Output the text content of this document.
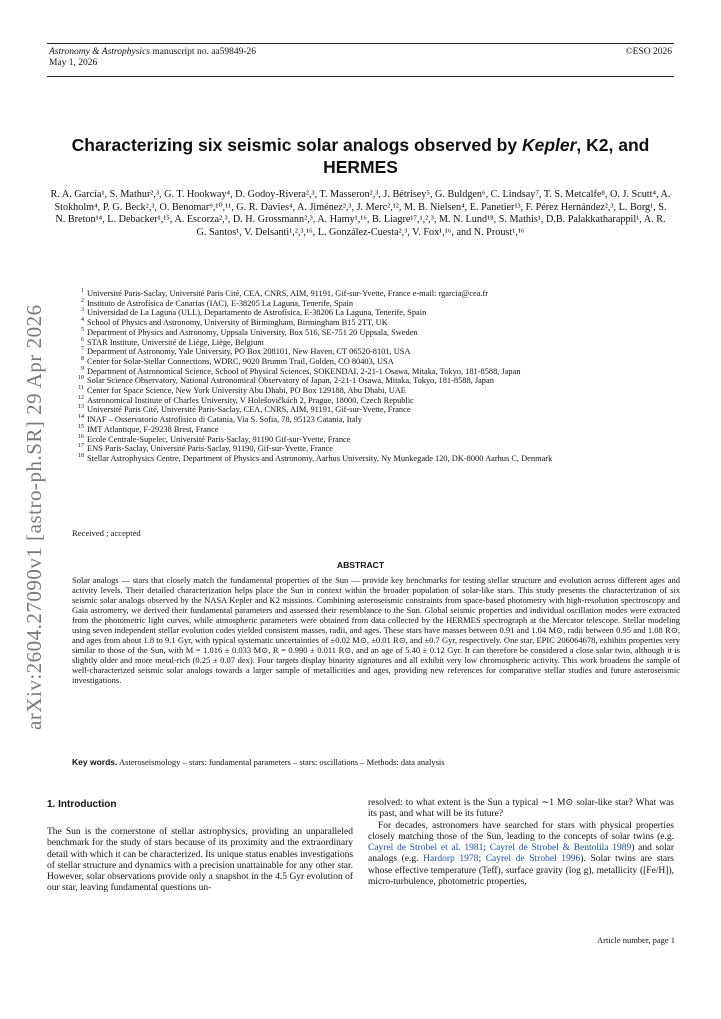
Astronomy & Astrophysics manuscript no. aa59849-26
May 1, 2026
©ESO 2026
arXiv:2604.27090v1 [astro-ph.SR] 29 Apr 2026
Characterizing six seismic solar analogs observed by Kepler, K2, and HERMES
R. A. García¹, S. Mathur²,³, G. T. Hookway⁴, D. Godoy-Rivera²,³, T. Masseron²,³, J. Bétrisey⁵, G. Buldgen⁶, C. Lindsay⁷, T. S. Metcalfe⁸, O. J. Scutt⁴, A. Stokholm⁴, P. G. Beck²,³, O. Benomar⁹,¹⁰,¹¹, G. R. Davies⁴, A. Jiménez²,³, J. Merc²,¹², M. B. Nielsen⁴, E. Panetier¹³, F. Pérez Hernández²,³, L. Borg¹, S. N. Breton¹⁴, L. Debacker¹,¹⁵, A. Escorza²,³, D. H. Grossmann²,³, A. Hamy¹,¹⁶, B. Liagre¹⁷,¹,²,³, M. N. Lund¹⁸, S. Mathis¹, D.B. Palakkatharappil¹, A. R. G. Santos¹, V. Delsanti¹,²,³,¹⁶, L. González-Cuesta²,³, V. Fox¹,¹⁶, and N. Proust¹,¹⁶
1 Université Paris-Saclay, Université Paris Cité, CEA, CNRS, AIM, 91191, Gif-sur-Yvette, France e-mail: rgarcia@cea.fr
2 Instituto de Astrofísica de Canarias (IAC), E-38205 La Laguna, Tenerife, Spain
3 Universidad de La Laguna (ULL), Departamento de Astrofísica, E-38206 La Laguna, Tenerife, Spain
4 School of Physics and Astronomy, University of Birmingham, Birmingham B15 2TT, UK
5 Department of Physics and Astronomy, Uppsala University, Box 516, SE-751 20 Uppsala, Sweden
6 STAR Institute, Université de Liège, Liège, Belgium
7 Department of Astronomy, Yale University, PO Box 208101, New Haven, CT 06520-8101, USA
8 Center for Solar-Stellar Connections, WDRC, 9020 Brumm Trail, Golden, CO 80403, USA
9 Department of Astronomical Science, School of Physical Sciences, SOKENDAI, 2-21-1 Osawa, Mitaka, Tokyo, 181-8588, Japan
10 Solar Science Observatory, National Astronomical Observatory of Japan, 2-21-1 Osawa, Mitaka, Tokyo, 181-8588, Japan
11 Center for Space Science, New York University Abu Dhabi, PO Box 129188, Abu Dhabi, UAE
12 Astronomical Institute of Charles University, V Holešovičkách 2, Prague, 18000, Czech Republic
13 Université Paris Cité, Université Paris-Saclay, CEA, CNRS, AIM, 91191, Gif-sur-Yvette, France
14 INAF – Osservatorio Astrofisico di Catania, Via S. Sofia, 78, 95123 Catania, Italy
15 IMT Atlantique, F-29238 Brest, France
16 Ecole Centrale-Supelec, Université Paris-Saclay, 91190 Gif-sur-Yvette, France
17 ENS Paris-Saclay, Université Paris-Saclay, 91190, Gif-sur-Yvette, France
18 Stellar Astrophysics Centre, Department of Physics and Astronomy, Aarhus University, Ny Munkegade 120, DK-8000 Aarhus C, Denmark
Received ; accepted
ABSTRACT
Solar analogs — stars that closely match the fundamental properties of the Sun — provide key benchmarks for testing stellar structure and evolution across different ages and activity levels. Their detailed characterization helps place the Sun in context within the broader population of solar-like stars. This study presents the characterization of six seismic solar analogs observed by the NASA Kepler and K2 missions. Combining asteroseismic constraints from space-based photometry with high-resolution spectroscopy and Gaia astrometry, we derived their fundamental parameters and assessed their resemblance to the Sun. Global seismic properties and individual oscillation modes were extracted from the photometric light curves, while atmospheric parameters were obtained from data collected by the HERMES spectrograph at the Mercator telescope. Stellar modeling using seven independent stellar evolution codes yielded consistent masses, radii, and ages. These stars have masses between 0.91 and 1.04 M⊙, radii between 0.95 and 1.08 R⊙, and ages from about 1.8 to 9.1 Gyr, with typical systematic uncertainties of ±0.02 M⊙, ±0.01 R⊙, and ±0.7 Gyr, respectively. One star, EPIC 206064678, exhibits properties very similar to those of the Sun, with M = 1.016 ± 0.033 M⊙, R = 0.990 ± 0.011 R⊙, and an age of 5.40 ± 0.12 Gyr. It can therefore be considered a close solar twin, although it is slightly older and more metal-rich (0.25 ± 0.07 dex). Four targets display binarity signatures and all exhibit very low chromospheric activity. This work broadens the sample of well-characterized seismic solar analogs towards a larger sample of metallicities and ages, providing new references for comparative stellar studies and future asteroseismic investigations.
Key words. Asteroseismology – stars: fundamental parameters – stars: oscillations – Methods: data analysis
1. Introduction
The Sun is the cornerstone of stellar astrophysics, providing an unparalleled benchmark for the study of stars because of its proximity and the extraordinary detail with which it can be characterized. Its unique status enables investigations of stellar structure and dynamics with a precision unattainable for any other star. However, solar observations provide only a snapshot in the 4.5 Gyr evolution of our star, leaving fundamental questions un-
resolved: to what extent is the Sun a typical ∼1 M⊙ solar-like star? What was its past, and what will be its future?
For decades, astronomers have searched for stars with physical properties closely matching those of the Sun, leading to the concepts of solar twins (e.g. Cayrel de Strobel et al. 1981; Cayrel de Strobel & Bentolila 1989) and solar analogs (e.g. Hardorp 1978; Cayrel de Strobel 1996). Solar twins are stars whose effective temperature (Teff), surface gravity (log g), metallicity ([Fe/H]), micro-turbulence, photometric properties,
Article number, page 1
